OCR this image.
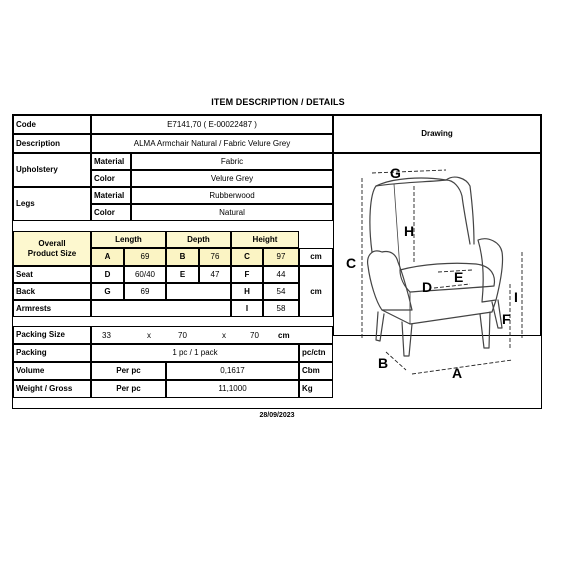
ITEM DESCRIPTION / DETAILS
Code	E7141,70 ( E-00022487 )
Drawing
Description	ALMA Armchair Natural / Fabric Velure Grey
Upholstery
Material	Fabric
Color	Velure Grey
Legs
Material	Rubberwood
Color	Natural
Overall
Product Size
Length	Depth	Height
A	69	B	76	C	97	cm
Seat	D	60/40	E	47	F	44
Back	G	69	H	54	cm
Armrests	I	58
Packing Size	33	x	70	x	70 cm
Packing	1 pc / 1 pack	pc/ctn
Volume	Per pc	0,1617	Cbm
Weight / Gross	Per pc	11,1000	Kg
28/09/2023
G
C
H
E
D
I
F
B
A
